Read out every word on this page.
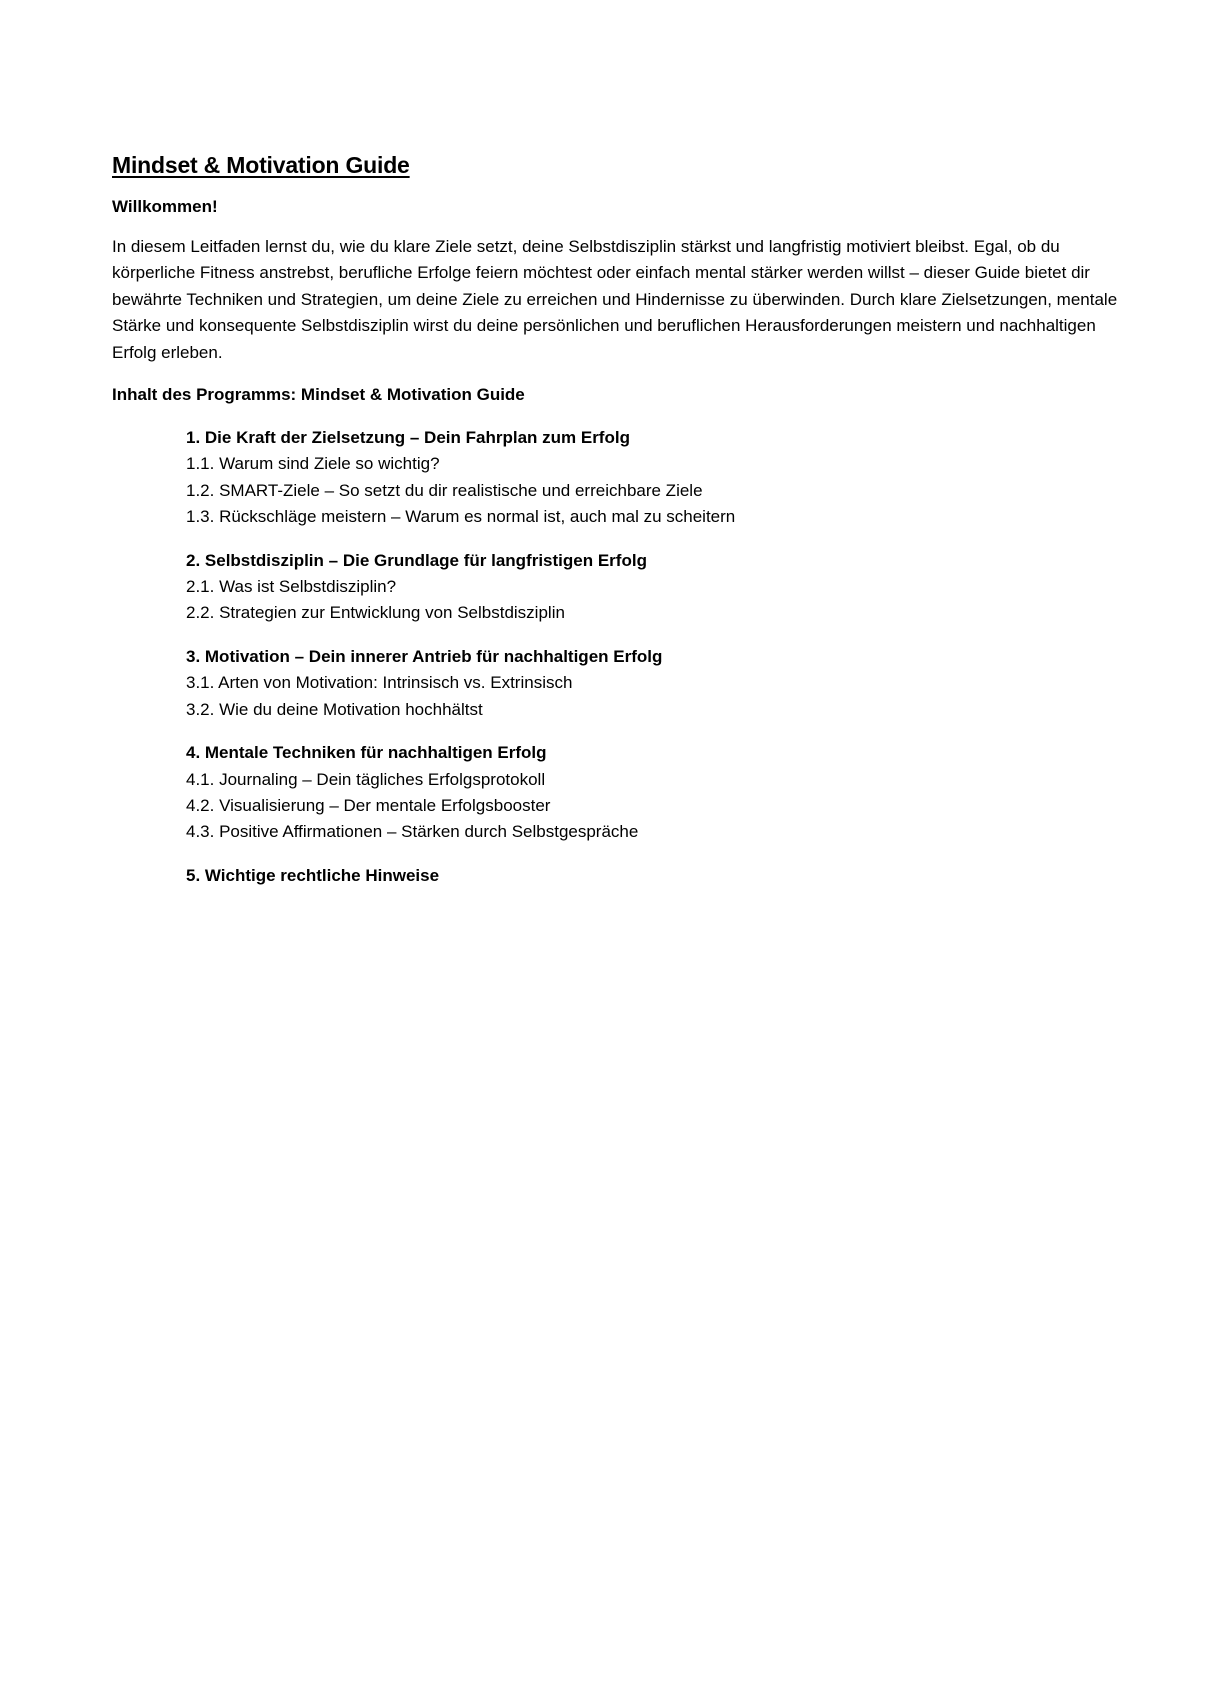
Mindset & Motivation Guide

Willkommen!

In diesem Leitfaden lernst du, wie du klare Ziele setzt, deine Selbstdisziplin stärkst und langfristig motiviert bleibst. Egal, ob du körperliche Fitness anstrebst, berufliche Erfolge feiern möchtest oder einfach mental stärker werden willst – dieser Guide bietet dir bewährte Techniken und Strategien, um deine Ziele zu erreichen und Hindernisse zu überwinden. Durch klare Zielsetzungen, mentale Stärke und konsequente Selbstdisziplin wirst du deine persönlichen und beruflichen Herausforderungen meistern und nachhaltigen Erfolg erleben.

Inhalt des Programms: Mindset & Motivation Guide

1. Die Kraft der Zielsetzung – Dein Fahrplan zum Erfolg
1.1. Warum sind Ziele so wichtig?
1.2. SMART-Ziele – So setzt du dir realistische und erreichbare Ziele
1.3. Rückschläge meistern – Warum es normal ist, auch mal zu scheitern
2. Selbstdisziplin – Die Grundlage für langfristigen Erfolg
2.1. Was ist Selbstdisziplin?
2.2. Strategien zur Entwicklung von Selbstdisziplin
3. Motivation – Dein innerer Antrieb für nachhaltigen Erfolg
3.1. Arten von Motivation: Intrinsisch vs. Extrinsisch
3.2. Wie du deine Motivation hochhältst
4. Mentale Techniken für nachhaltigen Erfolg
4.1. Journaling – Dein tägliches Erfolgsprotokoll
4.2. Visualisierung – Der mentale Erfolgsbooster
4.3. Positive Affirmationen – Stärken durch Selbstgespräche
5. Wichtige rechtliche Hinweise
